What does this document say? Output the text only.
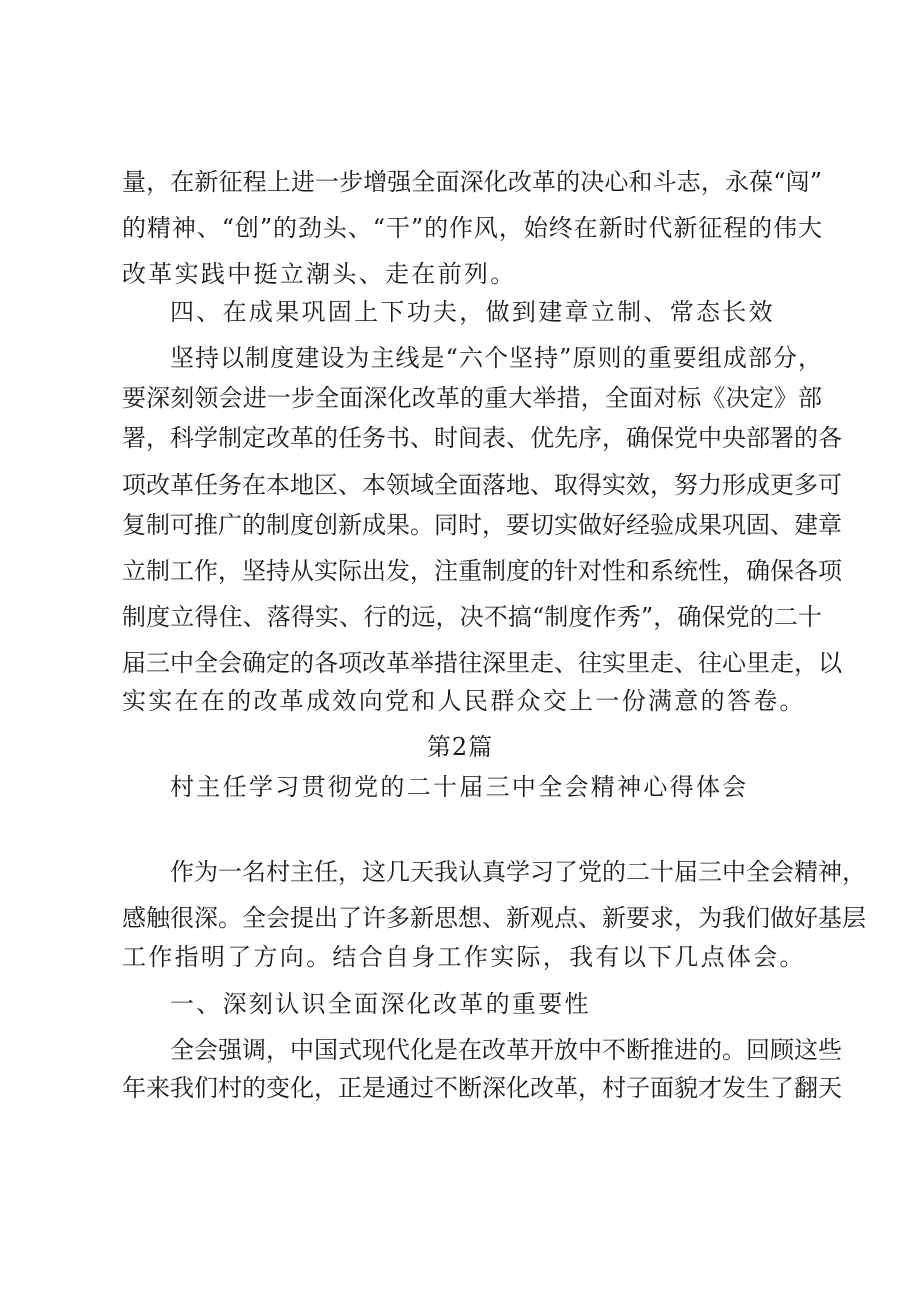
量，在新征程上进一步增强全面深化改革的决心和斗志，永葆“闯”
的精神、“创”的劲头、“干”的作风，始终在新时代新征程的伟大
改革实践中挺立潮头、走在前列。
四、在成果巩固上下功夫，做到建章立制、常态长效
坚持以制度建设为主线是“六个坚持”原则的重要组成部分，
要深刻领会进一步全面深化改革的重大举措，全面对标《决定》部
署，科学制定改革的任务书、时间表、优先序，确保党中央部署的各
项改革任务在本地区、本领域全面落地、取得实效，努力形成更多可
复制可推广的制度创新成果。同时，要切实做好经验成果巩固、建章
立制工作，坚持从实际出发，注重制度的针对性和系统性，确保各项
制度立得住、落得实、行的远，决不搞“制度作秀”，确保党的二十
届三中全会确定的各项改革举措往深里走、往实里走、往心里走，以
实实在在的改革成效向党和人民群众交上一份满意的答卷。
第2篇
村主任学习贯彻党的二十届三中全会精神心得体会
作为一名村主任，这几天我认真学习了党的二十届三中全会精神，
感触很深。全会提出了许多新思想、新观点、新要求，为我们做好基层
工作指明了方向。结合自身工作实际，我有以下几点体会。
一、深刻认识全面深化改革的重要性
全会强调，中国式现代化是在改革开放中不断推进的。回顾这些
年来我们村的变化，正是通过不断深化改革，村子面貌才发生了翻天
